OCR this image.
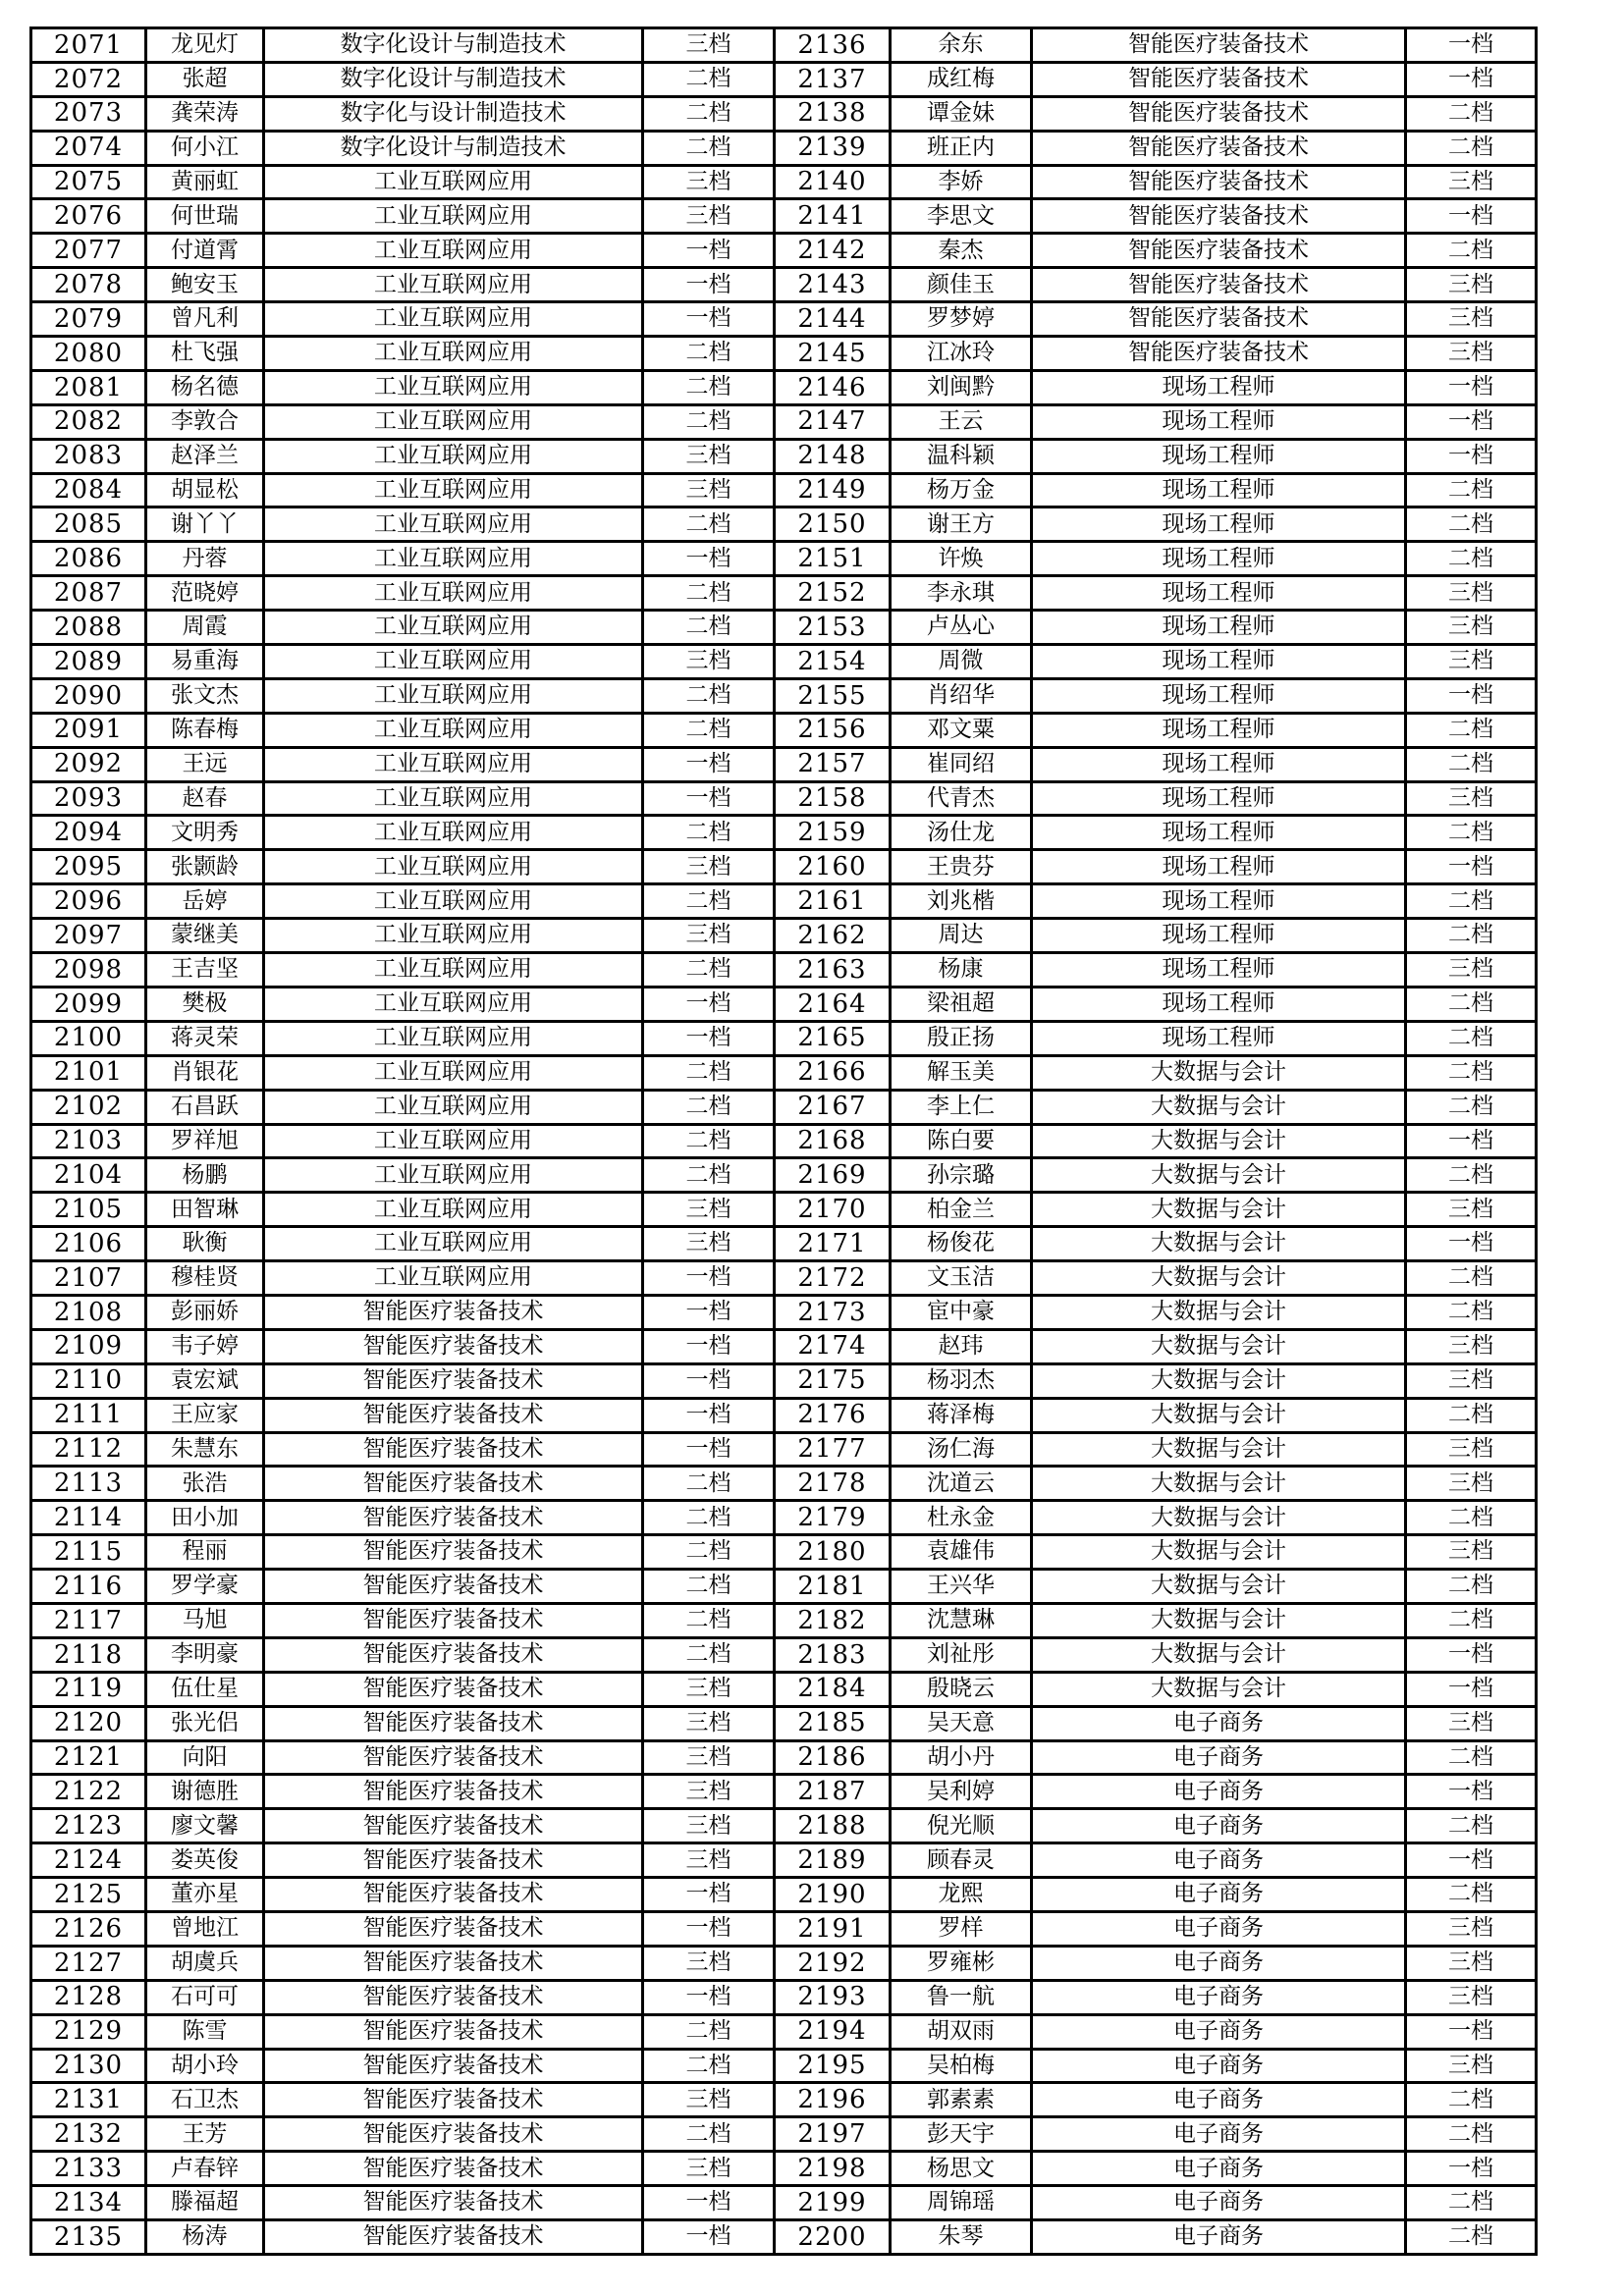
2071	龙见灯	数字化设计与制造技术	三档	2136	余东	智能医疗装备技术	一档
2072	张超	数字化设计与制造技术	二档	2137	成红梅	智能医疗装备技术	一档
2073	龚荣涛	数字化与设计制造技术	二档	2138	谭金妹	智能医疗装备技术	二档
2074	何小江	数字化设计与制造技术	二档	2139	班正内	智能医疗装备技术	二档
2075	黄丽虹	工业互联网应用	三档	2140	李娇	智能医疗装备技术	三档
2076	何世瑞	工业互联网应用	三档	2141	李思文	智能医疗装备技术	一档
2077	付道霄	工业互联网应用	一档	2142	秦杰	智能医疗装备技术	二档
2078	鲍安玉	工业互联网应用	一档	2143	颜佳玉	智能医疗装备技术	三档
2079	曾凡利	工业互联网应用	一档	2144	罗梦婷	智能医疗装备技术	三档
2080	杜飞强	工业互联网应用	二档	2145	江冰玲	智能医疗装备技术	三档
2081	杨名德	工业互联网应用	二档	2146	刘闽黔	现场工程师	一档
2082	李敦合	工业互联网应用	二档	2147	王云	现场工程师	一档
2083	赵泽兰	工业互联网应用	三档	2148	温科颖	现场工程师	一档
2084	胡显松	工业互联网应用	三档	2149	杨万金	现场工程师	二档
2085	谢丫丫	工业互联网应用	二档	2150	谢王方	现场工程师	二档
2086	丹蓉	工业互联网应用	一档	2151	许焕	现场工程师	二档
2087	范晓婷	工业互联网应用	二档	2152	李永琪	现场工程师	三档
2088	周霞	工业互联网应用	二档	2153	卢丛心	现场工程师	三档
2089	易重海	工业互联网应用	三档	2154	周微	现场工程师	三档
2090	张文杰	工业互联网应用	二档	2155	肖绍华	现场工程师	一档
2091	陈春梅	工业互联网应用	二档	2156	邓文粟	现场工程师	二档
2092	王远	工业互联网应用	一档	2157	崔同绍	现场工程师	二档
2093	赵春	工业互联网应用	一档	2158	代青杰	现场工程师	三档
2094	文明秀	工业互联网应用	二档	2159	汤仕龙	现场工程师	二档
2095	张颢龄	工业互联网应用	三档	2160	王贵芬	现场工程师	一档
2096	岳婷	工业互联网应用	二档	2161	刘兆楷	现场工程师	二档
2097	蒙继美	工业互联网应用	三档	2162	周达	现场工程师	二档
2098	王吉坚	工业互联网应用	二档	2163	杨康	现场工程师	三档
2099	樊极	工业互联网应用	一档	2164	梁祖超	现场工程师	二档
2100	蒋灵荣	工业互联网应用	一档	2165	殷正扬	现场工程师	二档
2101	肖银花	工业互联网应用	二档	2166	解玉美	大数据与会计	二档
2102	石昌跃	工业互联网应用	二档	2167	李上仁	大数据与会计	二档
2103	罗祥旭	工业互联网应用	二档	2168	陈白要	大数据与会计	一档
2104	杨鹏	工业互联网应用	二档	2169	孙宗璐	大数据与会计	二档
2105	田智琳	工业互联网应用	三档	2170	柏金兰	大数据与会计	三档
2106	耿衡	工业互联网应用	三档	2171	杨俊花	大数据与会计	一档
2107	穆桂贤	工业互联网应用	一档	2172	文玉洁	大数据与会计	二档
2108	彭丽娇	智能医疗装备技术	一档	2173	宦中豪	大数据与会计	二档
2109	韦子婷	智能医疗装备技术	一档	2174	赵玮	大数据与会计	三档
2110	袁宏斌	智能医疗装备技术	一档	2175	杨羽杰	大数据与会计	三档
2111	王应家	智能医疗装备技术	一档	2176	蒋泽梅	大数据与会计	二档
2112	朱慧东	智能医疗装备技术	一档	2177	汤仁海	大数据与会计	三档
2113	张浩	智能医疗装备技术	二档	2178	沈道云	大数据与会计	三档
2114	田小加	智能医疗装备技术	二档	2179	杜永金	大数据与会计	二档
2115	程丽	智能医疗装备技术	二档	2180	袁雄伟	大数据与会计	三档
2116	罗学豪	智能医疗装备技术	二档	2181	王兴华	大数据与会计	二档
2117	马旭	智能医疗装备技术	二档	2182	沈慧琳	大数据与会计	二档
2118	李明豪	智能医疗装备技术	二档	2183	刘祉彤	大数据与会计	一档
2119	伍仕星	智能医疗装备技术	三档	2184	殷晓云	大数据与会计	一档
2120	张光侣	智能医疗装备技术	三档	2185	吴天意	电子商务	三档
2121	向阳	智能医疗装备技术	三档	2186	胡小丹	电子商务	二档
2122	谢德胜	智能医疗装备技术	三档	2187	吴利婷	电子商务	一档
2123	廖文馨	智能医疗装备技术	三档	2188	倪光顺	电子商务	二档
2124	娄英俊	智能医疗装备技术	三档	2189	顾春灵	电子商务	一档
2125	董亦星	智能医疗装备技术	一档	2190	龙熙	电子商务	二档
2126	曾地江	智能医疗装备技术	一档	2191	罗样	电子商务	三档
2127	胡虞兵	智能医疗装备技术	三档	2192	罗雍彬	电子商务	三档
2128	石可可	智能医疗装备技术	一档	2193	鲁一航	电子商务	三档
2129	陈雪	智能医疗装备技术	二档	2194	胡双雨	电子商务	一档
2130	胡小玲	智能医疗装备技术	二档	2195	吴柏梅	电子商务	三档
2131	石卫杰	智能医疗装备技术	三档	2196	郭素素	电子商务	二档
2132	王芳	智能医疗装备技术	二档	2197	彭天宇	电子商务	二档
2133	卢春锌	智能医疗装备技术	三档	2198	杨思文	电子商务	一档
2134	滕福超	智能医疗装备技术	一档	2199	周锦瑶	电子商务	二档
2135	杨涛	智能医疗装备技术	一档	2200	朱琴	电子商务	二档
